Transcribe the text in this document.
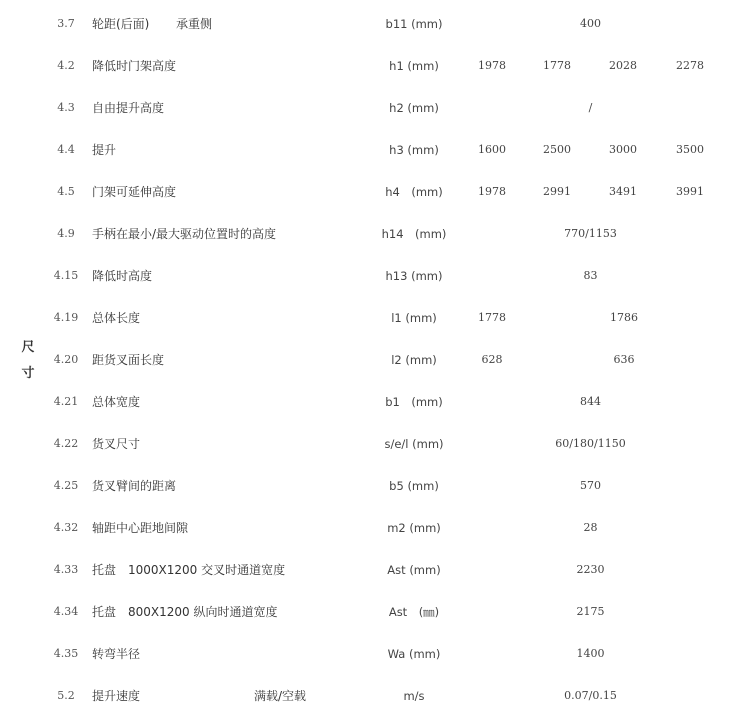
尺
寸
3.7	轮距(后面) 承重侧	b11 (mm)	400
4.2	降低时门架高度	h1 (mm)	1978	1778	2028	2278
4.3	自由提升高度	h2 (mm)	/
4.4	提升	h3 (mm)	1600	2500	3000	3500
4.5	门架可延伸高度	h4　(mm)	1978	2991	3491	3991
4.9	手柄在最小/最大驱动位置时的高度	h14　(mm)	770/1153
4.15	降低时高度	h13 (mm)	83
4.19	总体长度	l1 (mm)	1778	1786
4.20	距货叉面长度	l2 (mm)	628	636
4.21	总体宽度	b1　(mm)	844
4.22	货叉尺寸	s/e/l (mm)	60/180/1150
4.25	货叉臂间的距离	b5 (mm)	570
4.32	轴距中心距地间隙	m2 (mm)	28
4.33	托盘　1000X1200 交叉时通道宽度	Ast (mm)	2230
4.34	托盘　800X1200 纵向时通道宽度	Ast　(㎜)	2175
4.35	转弯半径	Wa (mm)	1400
5.2	提升速度	满载/空载	m/s	0.07/0.15
